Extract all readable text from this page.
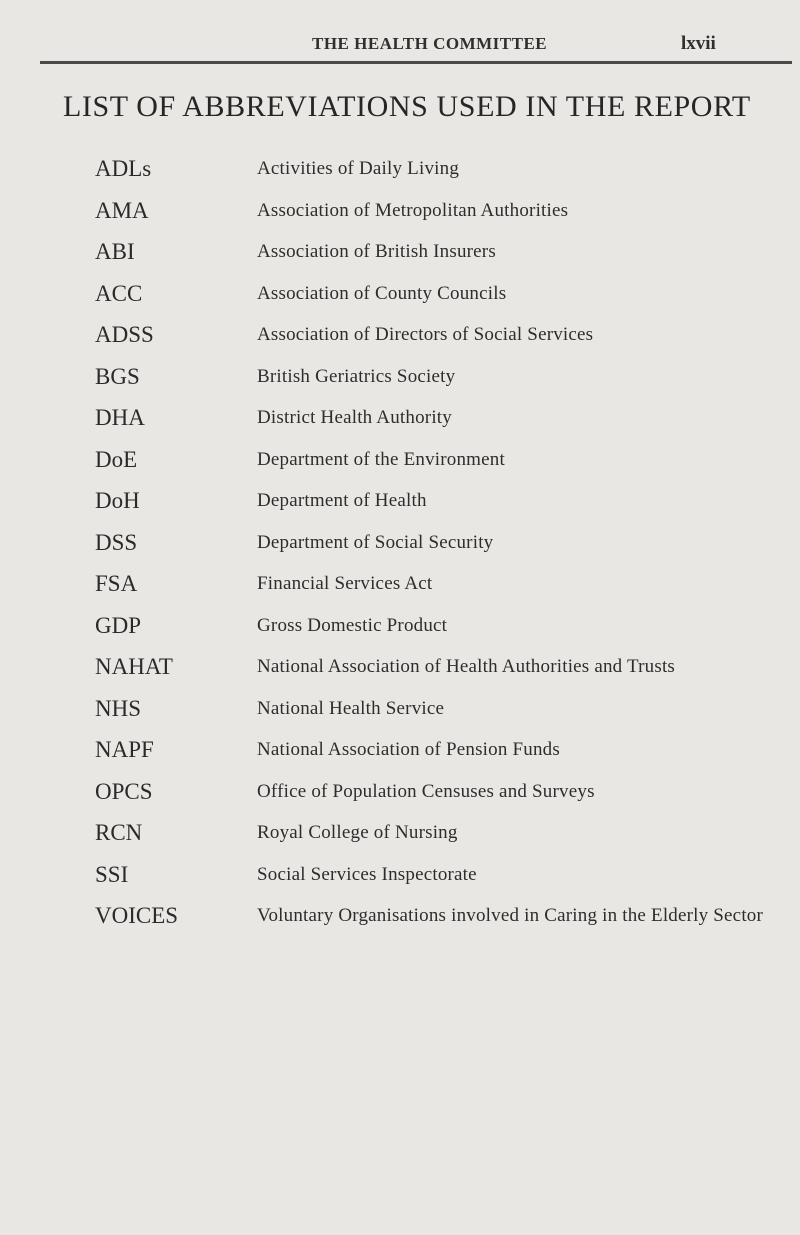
THE HEALTH COMMITTEE	lxvii
LIST OF ABBREVIATIONS USED IN THE REPORT
ADLs	Activities of Daily Living
AMA	Association of Metropolitan Authorities
ABI	Association of British Insurers
ACC	Association of County Councils
ADSS	Association of Directors of Social Services
BGS	British Geriatrics Society
DHA	District Health Authority
DoE	Department of the Environment
DoH	Department of Health
DSS	Department of Social Security
FSA	Financial Services Act
GDP	Gross Domestic Product
NAHAT	National Association of Health Authorities and Trusts
NHS	National Health Service
NAPF	National Association of Pension Funds
OPCS	Office of Population Censuses and Surveys
RCN	Royal College of Nursing
SSI	Social Services Inspectorate
VOICES	Voluntary Organisations involved in Caring in the Elderly Sector
